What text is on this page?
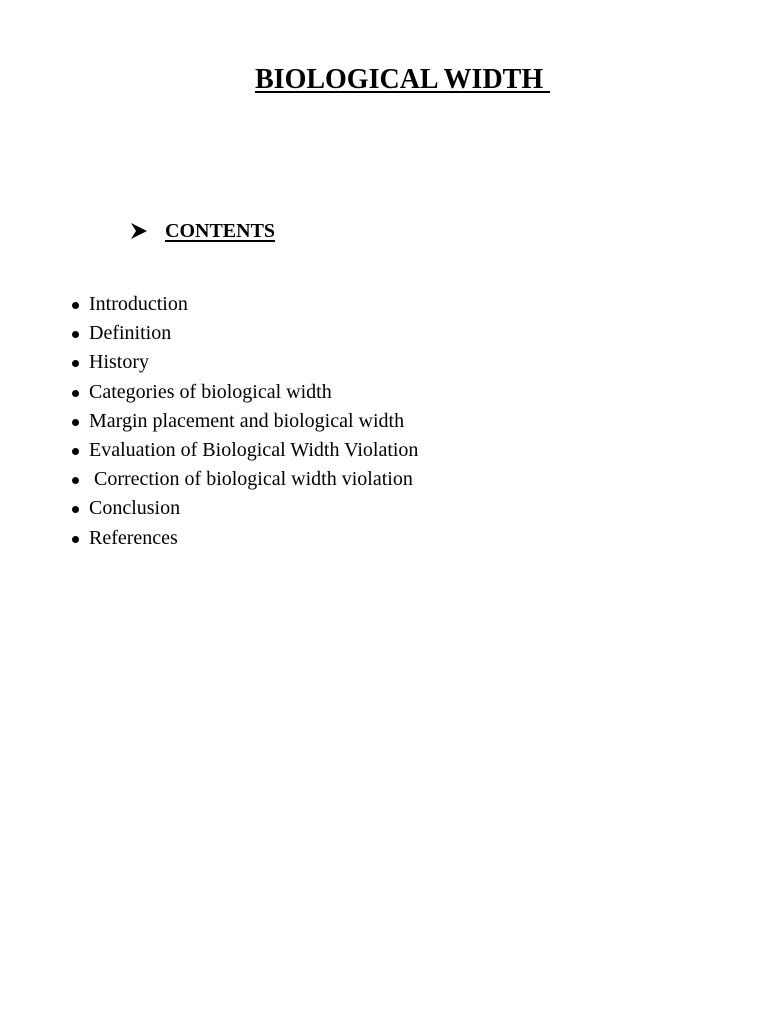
BIOLOGICAL WIDTH
CONTENTS
Introduction
Definition
History
Categories of biological width
Margin placement and biological width
Evaluation of Biological Width Violation
Correction of biological width violation
Conclusion
References
